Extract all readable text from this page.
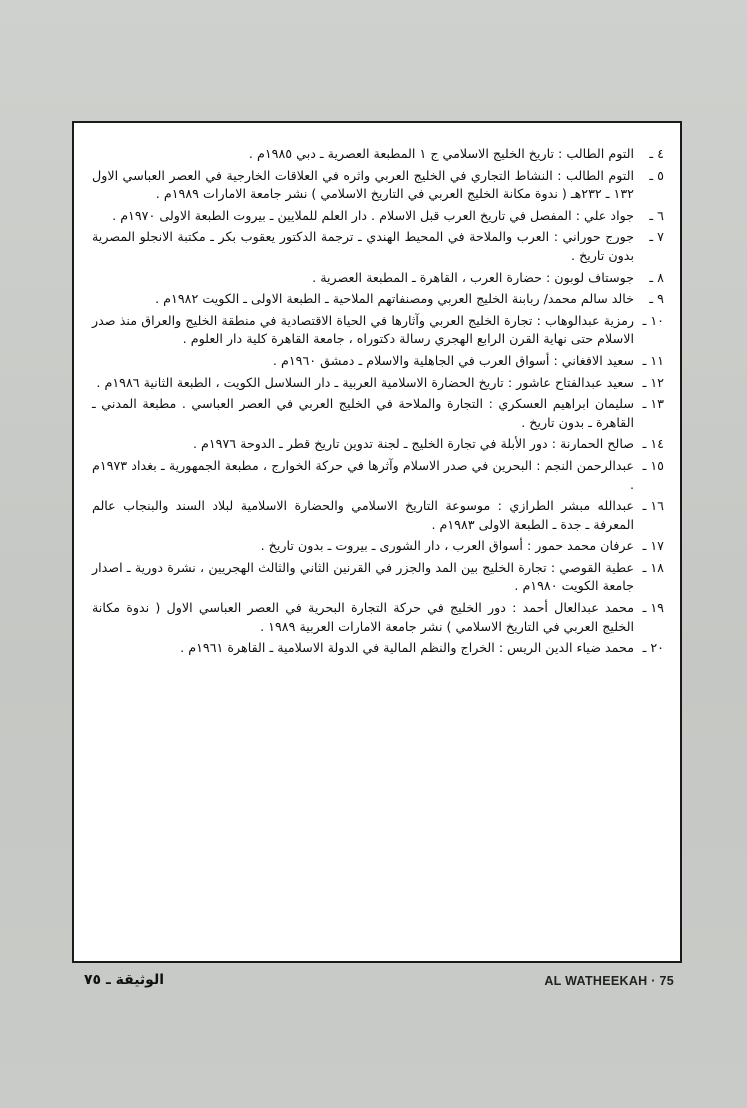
٤ ـ
التوم الطالب : تاريخ الخليج الاسلامي ج ١ المطبعة العصرية ـ دبي ١٩٨٥م .
٥ ـ
التوم الطالب : النشاط التجاري في الخليج العربي واثره في العلاقات الخارجية في العصر العباسي الاول ١٣٢ ـ ٢٣٢هـ ( ندوة مكانة الخليج العربي في التاريخ الاسلامي ) نشر جامعة الامارات ١٩٨٩م .
٦ ـ
جواد علي : المفصل في تاريخ العرب قبل الاسلام . دار العلم للملايين ـ بيروت الطبعة الاولى ١٩٧٠م .
٧ ـ
جورج حوراني : العرب والملاحة في المحيط الهندي ـ ترجمة الدكتور يعقوب بكر ـ مكتبة الانجلو المصرية بدون تاريخ .
٨ ـ
جوستاف لوبون : حضارة العرب ، القاهرة ـ المطبعة العصرية .
٩ ـ
خالد سالم محمد/ ربابنة الخليج العربي ومصنفاتهم الملاحية ـ الطبعة الاولى ـ الكويت ١٩٨٢م .
١٠ ـ
رمزية عبدالوهاب : تجارة الخليج العربي وآثارها في الحياة الاقتصادية في منطقة الخليج والعراق منذ صدر الاسلام حتى نهاية القرن الرابع الهجري رسالة دكتوراه ، جامعة القاهرة كلية دار العلوم .
١١ ـ
سعيد الافغاني : أسواق العرب في الجاهلية والاسلام ـ دمشق ١٩٦٠م .
١٢ ـ
سعيد عبدالفتاح عاشور : تاريخ الحضارة الاسلامية العربية ـ دار السلاسل الكويت ، الطبعة الثانية ١٩٨٦م .
١٣ ـ
سليمان ابراهيم العسكري : التجارة والملاحة في الخليج العربي في العصر العباسي . مطبعة المدني ـ القاهرة ـ بدون تاريخ .
١٤ ـ
صالح الحمارنة : دور الأبلة في تجارة الخليج ـ لجنة تدوين تاريخ قطر ـ الدوحة ١٩٧٦م .
١٥ ـ
عبدالرحمن النجم : البحرين في صدر الاسلام وآثرها في حركة الخوارج ، مطبعة الجمهورية ـ بغداد ١٩٧٣م .
١٦ ـ
عبدالله مبشر الطرازي : موسوعة التاريخ الاسلامي والحضارة الاسلامية لبلاد السند والبنجاب عالم المعرفة ـ جدة ـ الطبعة الاولى ١٩٨٣م .
١٧ ـ
عرفان محمد حمور : أسواق العرب ، دار الشورى ـ بيروت ـ بدون تاريخ .
١٨ ـ
عطية القوصي : تجارة الخليج بين المد والجزر في القرنين الثاني والثالث الهجريين ، نشرة دورية ـ اصدار جامعة الكويت ١٩٨٠م .
١٩ ـ
محمد عبدالعال أحمد : دور الخليج في حركة التجارة البحرية في العصر العباسي الاول ( ندوة مكانة الخليج العربي في التاريخ الاسلامي ) نشر جامعة الامارات العربية ١٩٨٩ .
٢٠ ـ
محمد ضياء الدين الريس : الخراج والنظم المالية في الدولة الاسلامية ـ القاهرة ١٩٦١م .
الوثيقة ـ ٧٥	AL WATHEEKAH · 75
